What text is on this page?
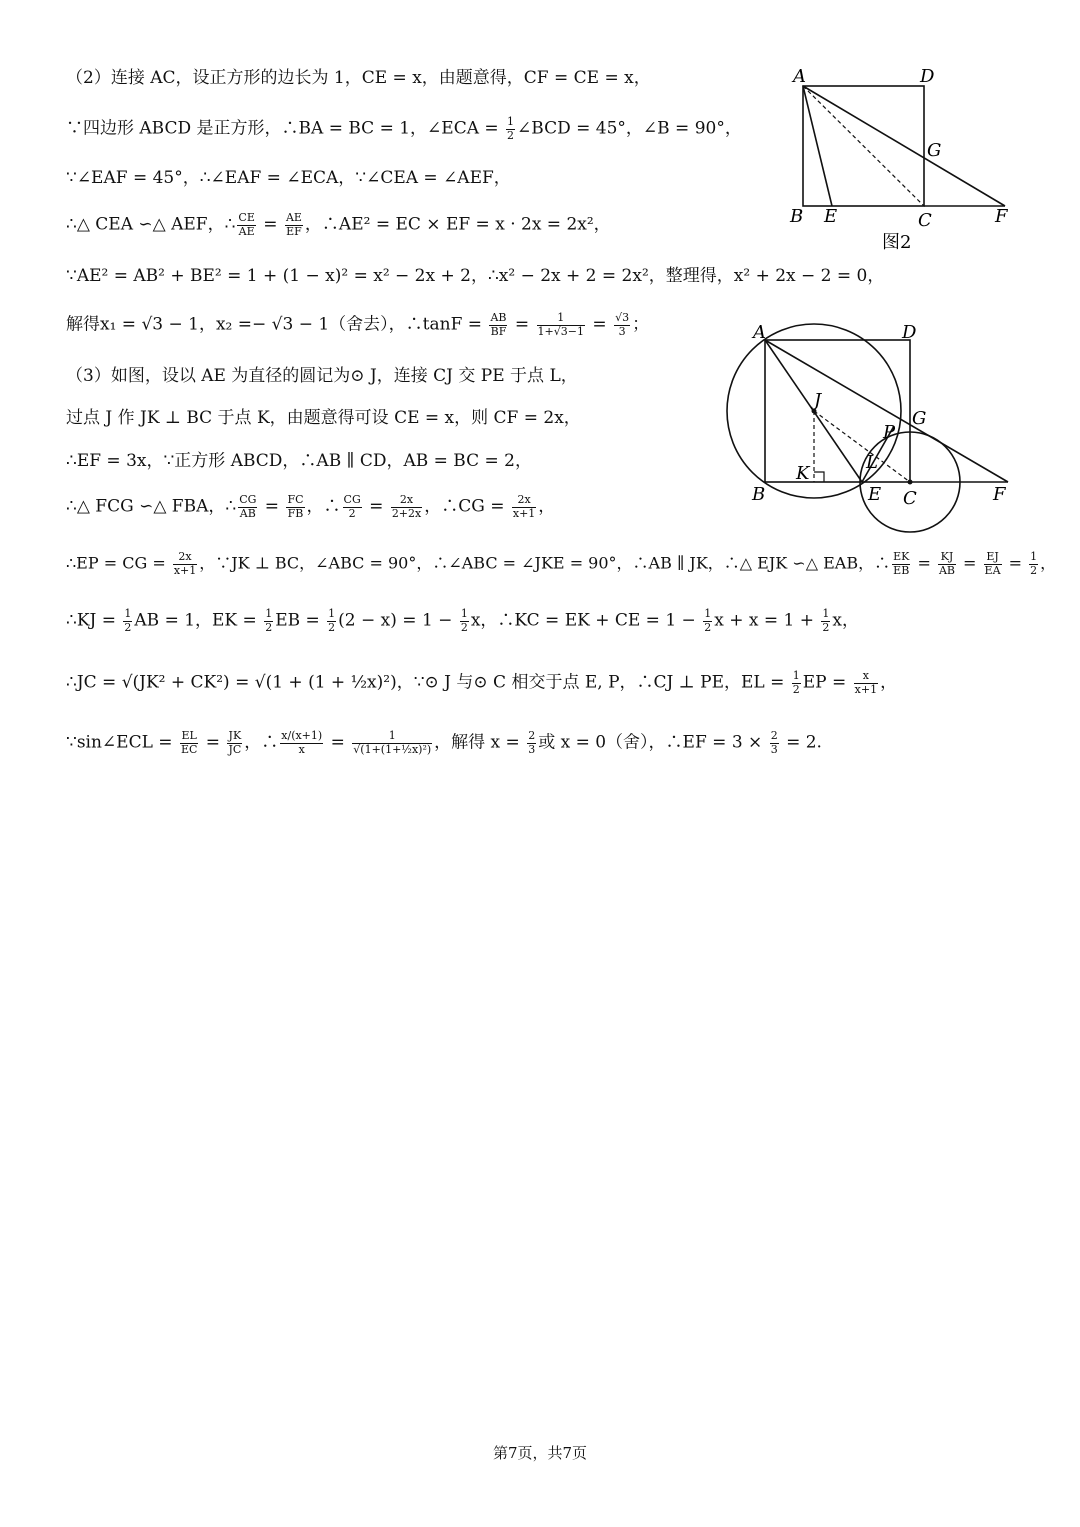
（2）连接 AC，设正方形的边长为 1，CE = x，由题意得，CF = CE = x，
∵四边形 ABCD 是正方形，∴BA = BC = 1，∠ECA = $\frac{1}{2}$ ∠BCD = 45°，∠B = 90°，
∵∠EAF = 45°，∴∠EAF = ∠ECA，∵∠CEA = ∠AEF，
∴△ CEA ∽△ AEF，∴ $\frac{CE}{AE} = \frac{AE}{EF}$ ，∴AE² = EC × EF = x · 2x = 2x²，
∵AE² = AB² + BE² = 1 + (1 − x)² = x² − 2x + 2，∴x² − 2x + 2 = 2x²，整理得，x² + 2x − 2 = 0，
解得x₁ = √3 − 1，x₂ =− √3 − 1（舍去），∴tanF = $\frac{AB}{BF} = \frac{1}{1+√3-1} = \frac{√3}{3}$ ；
（3）如图，设以 AE 为直径的圆记为⊙ J，连接 CJ 交 PE 于点 L，
过点 J 作 JK ⊥ BC 于点 K，由题意得可设 CE = x，则 CF = 2x，
∴EF = 3x，∵正方形 ABCD，∴AB ∥ CD，AB = BC = 2，
∴△ FCG ∽△ FBA，∴ $\frac{CG}{AB} = \frac{FC}{FB}$ ，∴ $\frac{CG}{2} = \frac{2x}{2+2x}$ ，∴CG = $\frac{2x}{x+1}$ ，
∴EP = CG = $\frac{2x}{x+1}$ ，∵JK ⊥ BC，∠ABC = 90°，∴∠ABC = ∠JKE = 90°，∴AB ∥ JK，∴△ EJK ∽△ EAB，∴ $\frac{EK}{EB} = \frac{KJ}{AB} = \frac{EJ}{EA} = \frac{1}{2}$ ，
∴KJ = $\frac{1}{2}$ AB = 1，EK = $\frac{1}{2}$ EB = $\frac{1}{2} (2 - x) = 1 - \frac{1}{2}$ x，∴KC = EK + CE = $1 - \frac{1}{2}$ $x + x = 1 + \frac{1}{2}$ x，
∴JC = √(JK² + CK²) = √(1 + (1 + ½x)²)，∵⊙ J 与⊙ C 相交于点 E, P，∴CJ ⊥ PE，EL = $\frac{1}{2}$ EP = $\frac{x}{x+1}$ ，
∵sin∠ECL = $\frac{EL}{EC} = \frac{JK}{JC}$ ，∴ $\frac{x/(x+1)}{x} = \frac{1}{\text{√(1+(1+½x)²)}}$ ，解得 $x = \frac{2}{3}$ 或 x = 0（舍），∴EF = $3 \times \frac{2}{3} = 2$.
A	D
G
B E	C	F
图2
A	D
J
G
P
L
K
B	E C	F
第7页，共7页
